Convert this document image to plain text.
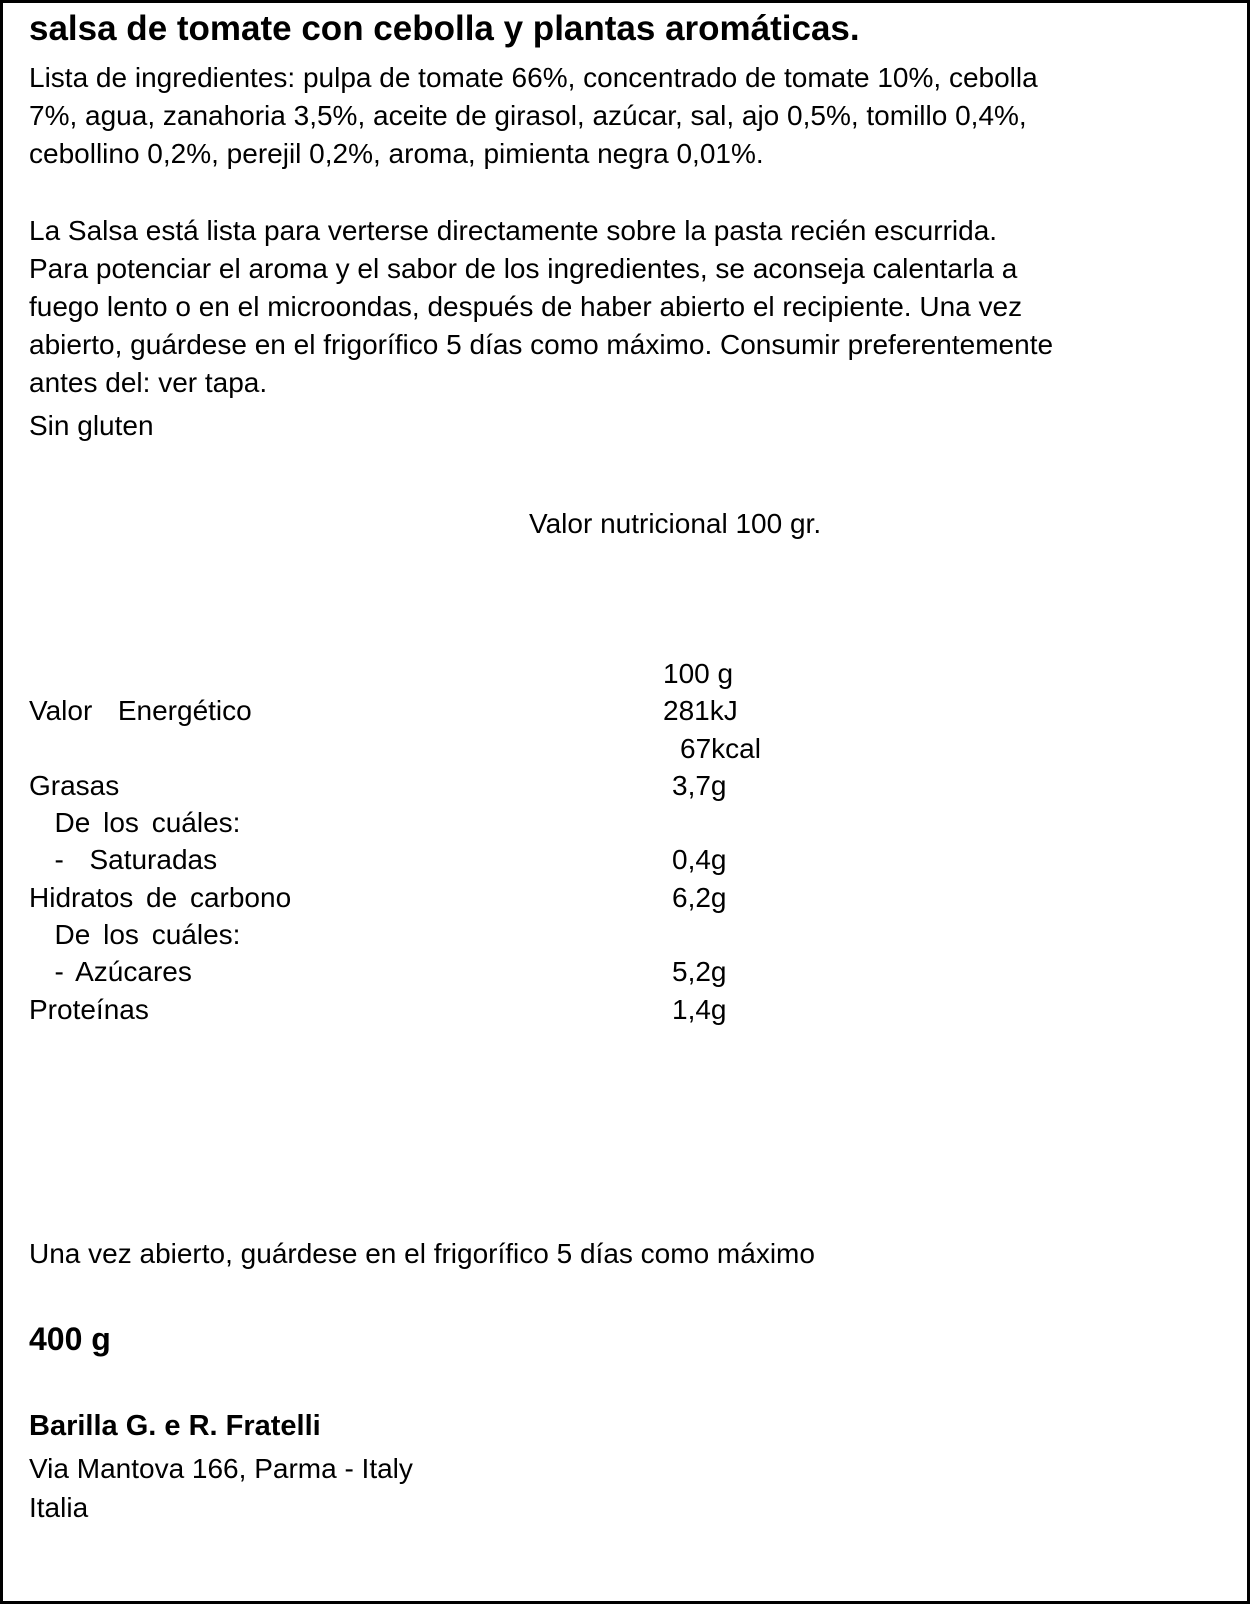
salsa de tomate con cebolla y plantas aromáticas.

Lista de ingredientes: pulpa de tomate 66%, concentrado de tomate 10%, cebolla
7%, agua, zanahoria 3,5%, aceite de girasol, azúcar, sal, ajo 0,5%, tomillo 0,4%,
cebollino 0,2%, perejil 0,2%, aroma, pimienta negra 0,01%.

La Salsa está lista para verterse directamente sobre la pasta recién escurrida.
Para potenciar el aroma y el sabor de los ingredientes, se aconseja calentarla a
fuego lento o en el microondas, después de haber abierto el recipiente. Una vez
abierto, guárdese en el frigorífico 5 días como máximo. Consumir preferentemente
antes del: ver tapa.

Sin gluten

Valor nutricional 100 gr.
100 g
Valor  Energético	281kJ
67kcal
Grasas	3,7g
De los cuáles:
-  Saturadas	0,4g
Hidratos de carbono	6,2g
De los cuáles:
- Azúcares	5,2g
Proteínas	1,4g
Una vez abierto, guárdese en el frigorífico 5 días como máximo
400 g
Barilla G. e R. Fratelli
Via Mantova 166, Parma - Italy
Italia
